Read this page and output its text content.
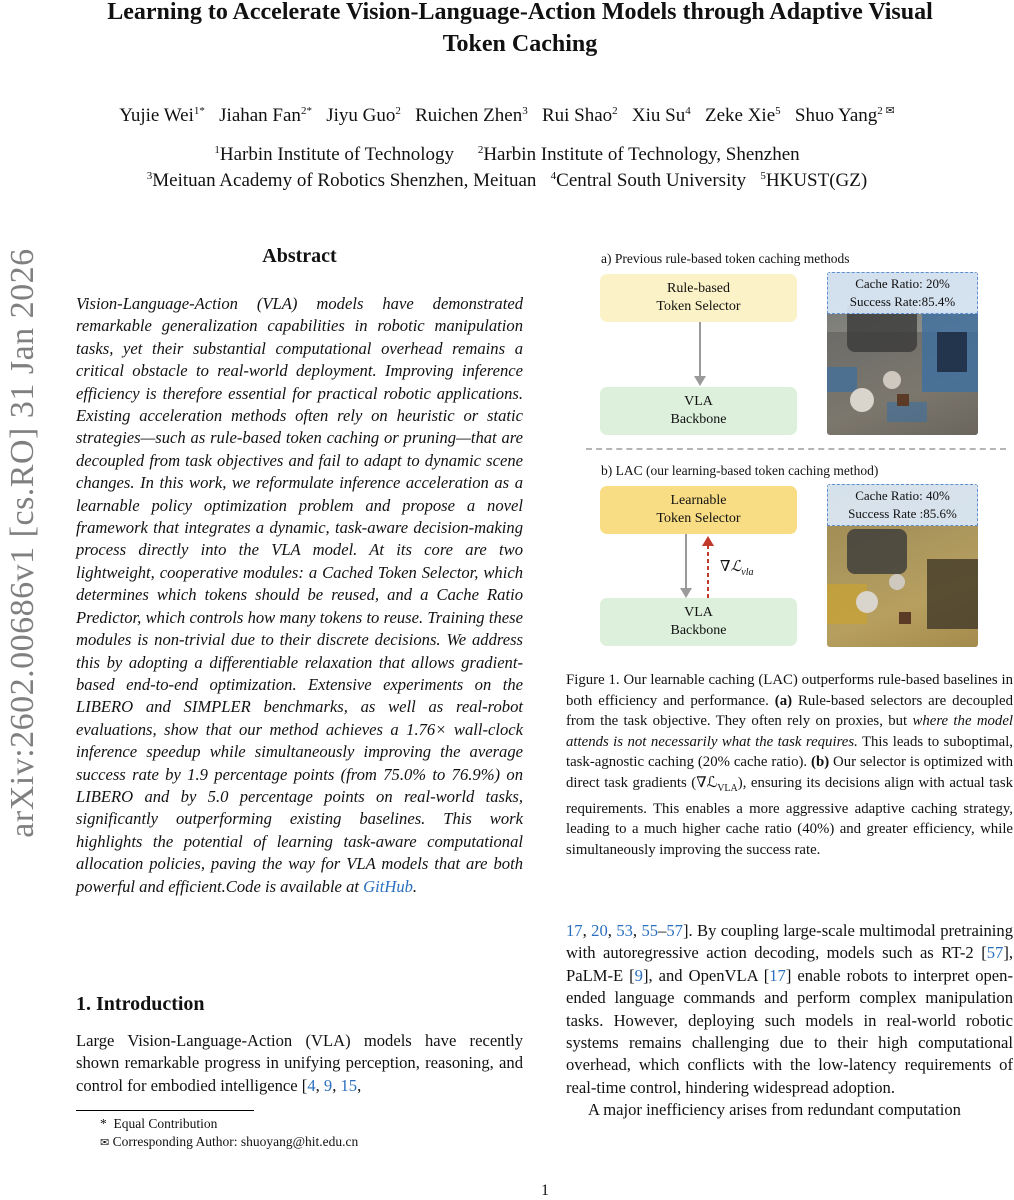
Learning to Accelerate Vision-Language-Action Models through Adaptive Visual
Token Caching
Yujie Wei$^{1*}$ Jiahan Fan$^{2*}$ Jiyu Guo$^2$ Ruichen Zhen$^3$ Rui Shao$^2$ Xiu Su$^4$ Zeke Xie$^5$ Shuo Yang$^{2 ✉}$
$^1$Harbin Institute of Technology $^2$Harbin Institute of Technology, Shenzhen
$^3$Meituan Academy of Robotics Shenzhen, Meituan $^4$Central South University $^5$HKUST(GZ)
arXiv:2602.00686v1 [cs.RO] 31 Jan 2026	Abstract
Vision-Language-Action (VLA) models have demonstrated remarkable generalization capabilities in robotic manipulation tasks, yet their substantial computational overhead remains a critical obstacle to real-world deployment. Improving inference efficiency is therefore essential for practical robotic applications. Existing acceleration methods often rely on heuristic or static strategies—such as rule-based token caching or pruning—that are decoupled from task objectives and fail to adapt to dynamic scene changes. In this work, we reformulate inference acceleration as a learnable policy optimization problem and propose a novel framework that integrates a dynamic, task-aware decision-making process directly into the VLA model. At its core are two lightweight, cooperative modules: a Cached Token Selector, which determines which tokens should be reused, and a Cache Ratio Predictor, which controls how many tokens to reuse. Training these modules is non-trivial due to their discrete decisions. We address this by adopting a differentiable relaxation that allows gradient-based end-to-end optimization. Extensive experiments on the LIBERO and SIMPLER benchmarks, as well as real-robot evaluations, show that our method achieves a 1.76× wall-clock inference speedup while simultaneously improving the average success rate by 1.9 percentage points (from 75.0% to 76.9%) on LIBERO and by 5.0 percentage points on real-world tasks, significantly outperforming existing baselines. This work highlights the potential of learning task-aware computational allocation policies, paving the way for VLA models that are both powerful and efficient.Code is available at GitHub.
1. Introduction
Large Vision-Language-Action (VLA) models have recently shown remarkable progress in unifying perception, reasoning, and control for embodied intelligence [4, 9, 15,
* Equal Contribution
✉ Corresponding Author: shuoyang@hit.edu.cn
a) Previous rule-based token caching methods
Rule-based
Token Selector
VLA
Backbone
Cache Ratio: 20%
Success Rate:85.4%
b) LAC (our learning-based token caching method)
Learnable
Token Selector
∇ℒ$_{vla}$
VLA
Backbone
Cache Ratio: 40%
Success Rate :85.6%
Figure 1. Our learnable caching (LAC) outperforms rule-based baselines in both efficiency and performance. (a) Rule-based selectors are decoupled from the task objective. They often rely on proxies, but where the model attends is not necessarily what the task requires. This leads to suboptimal, task-agnostic caching (20% cache ratio). (b) Our selector is optimized with direct task gradients (∇ℒ$_{VLA}$), ensuring its decisions align with actual task requirements. This enables a more aggressive adaptive caching strategy, leading to a much higher cache ratio (40%) and greater efficiency, while simultaneously improving the success rate.
17, 20, 53, 55–57]. By coupling large-scale multimodal pretraining with autoregressive action decoding, models such as RT-2 [57], PaLM-E [9], and OpenVLA [17] enable robots to interpret open-ended language commands and perform complex manipulation tasks. However, deploying such models in real-world robotic systems remains challenging due to their high computational overhead, which conflicts with the low-latency requirements of real-time control, hindering widespread adoption.
A major inefficiency arises from redundant computation
1
